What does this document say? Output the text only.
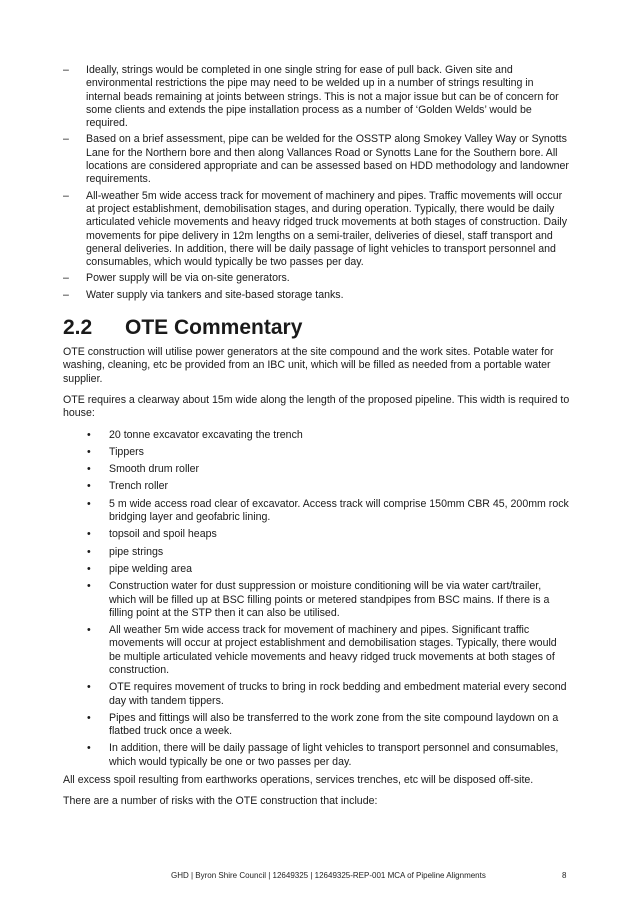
– Ideally, strings would be completed in one single string for ease of pull back. Given site and environmental restrictions the pipe may need to be welded up in a number of strings resulting in internal beads remaining at joints between strings. This is not a major issue but can be of concern for some clients and extends the pipe installation process as a number of ‘Golden Welds’ would be required.
– Based on a brief assessment, pipe can be welded for the OSSTP along Smokey Valley Way or Synotts Lane for the Northern bore and then along Vallances Road or Synotts Lane for the Southern bore. All locations are considered appropriate and can be assessed based on HDD methodology and landowner requirements.
– All-weather 5m wide access track for movement of machinery and pipes. Traffic movements will occur at project establishment, demobilisation stages, and during operation. Typically, there would be daily articulated vehicle movements and heavy ridged truck movements at both stages of construction. Daily movements for pipe delivery in 12m lengths on a semi-trailer, deliveries of diesel, staff transport and general deliveries. In addition, there will be daily passage of light vehicles to transport personnel and consumables, which would typically be two passes per day.
– Power supply will be via on-site generators.
– Water supply via tankers and site-based storage tanks.
2.2	OTE Commentary

OTE construction will utilise power generators at the site compound and the work sites. Potable water for washing, cleaning, etc be provided from an IBC unit, which will be filled as needed from a portable water supplier.

OTE requires a clearway about 15m wide along the length of the proposed pipeline. This width is required to house:

• 20 tonne excavator excavating the trench
• Tippers
• Smooth drum roller
• Trench roller
• 5 m wide access road clear of excavator. Access track will comprise 150mm CBR 45, 200mm rock bridging layer and geofabric lining.
• topsoil and spoil heaps
• pipe strings
• pipe welding area
• Construction water for dust suppression or moisture conditioning will be via water cart/trailer, which will be filled up at BSC filling points or metered standpipes from BSC mains. If there is a filling point at the STP then it can also be utilised.
• All weather 5m wide access track for movement of machinery and pipes. Significant traffic movements will occur at project establishment and demobilisation stages. Typically, there would be multiple articulated vehicle movements and heavy ridged truck movements at both stages of construction.
• OTE requires movement of trucks to bring in rock bedding and embedment material every second day with tandem tippers.
• Pipes and fittings will also be transferred to the work zone from the site compound laydown on a flatbed truck once a week.
• In addition, there will be daily passage of light vehicles to transport personnel and consumables, which would typically be one or two passes per day.

All excess spoil resulting from earthworks operations, services trenches, etc will be disposed off-site.

There are a number of risks with the OTE construction that include:

GHD | Byron Shire Council | 12649325 | 12649325-REP-001 MCA of Pipeline Alignments	8
